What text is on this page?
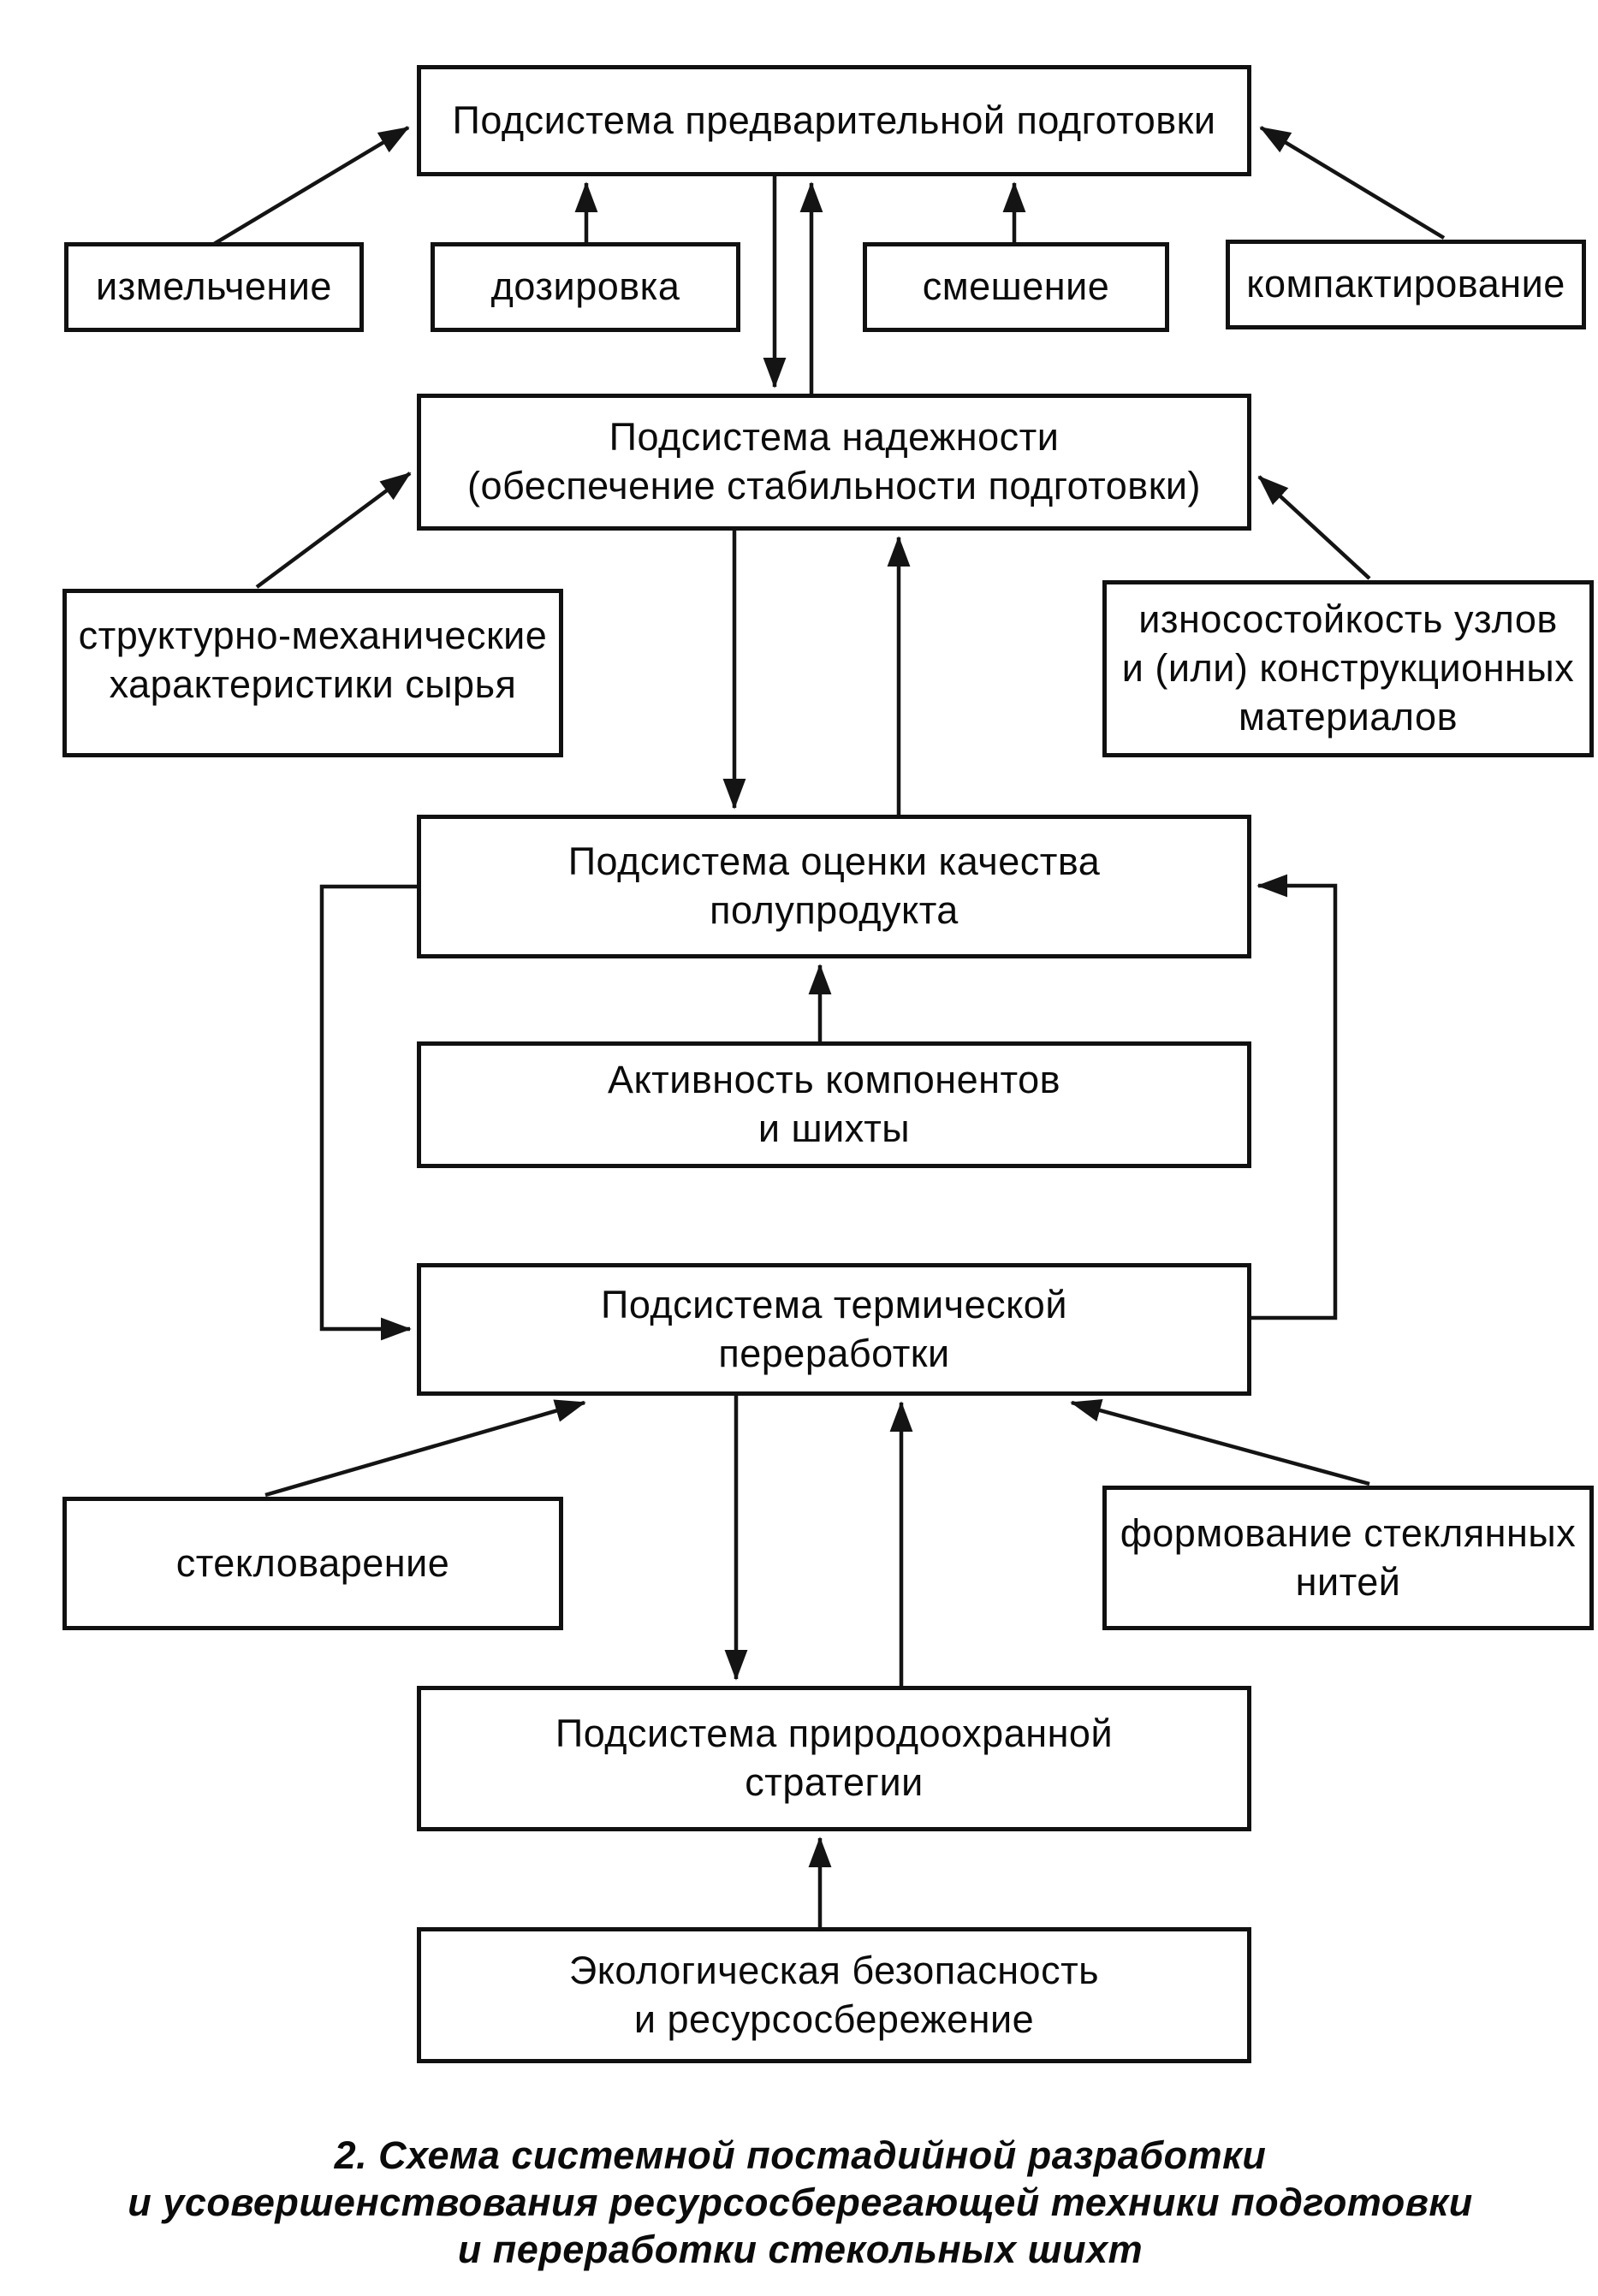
Подсистема предварительной подготовки
измельчение	дозировка	смешение	компактирование
Подсистема надежности
(обеспечение стабильности подготовки)
структурно-механические
характеристики сырья
износостойкость узлов
и (или) конструкционных
материалов
Подсистема оценки качества
полупродукта
Активность компонентов
и шихты
Подсистема термической
переработки
стекловарение
формование стеклянных
нитей
Подсистема природоохранной
стратегии
Экологическая безопасность
и ресурсосбережение
2. Схема системной постадийной разработки
и усовершенствования ресурсосберегающей техники подготовки
и переработки стекольных шихт
